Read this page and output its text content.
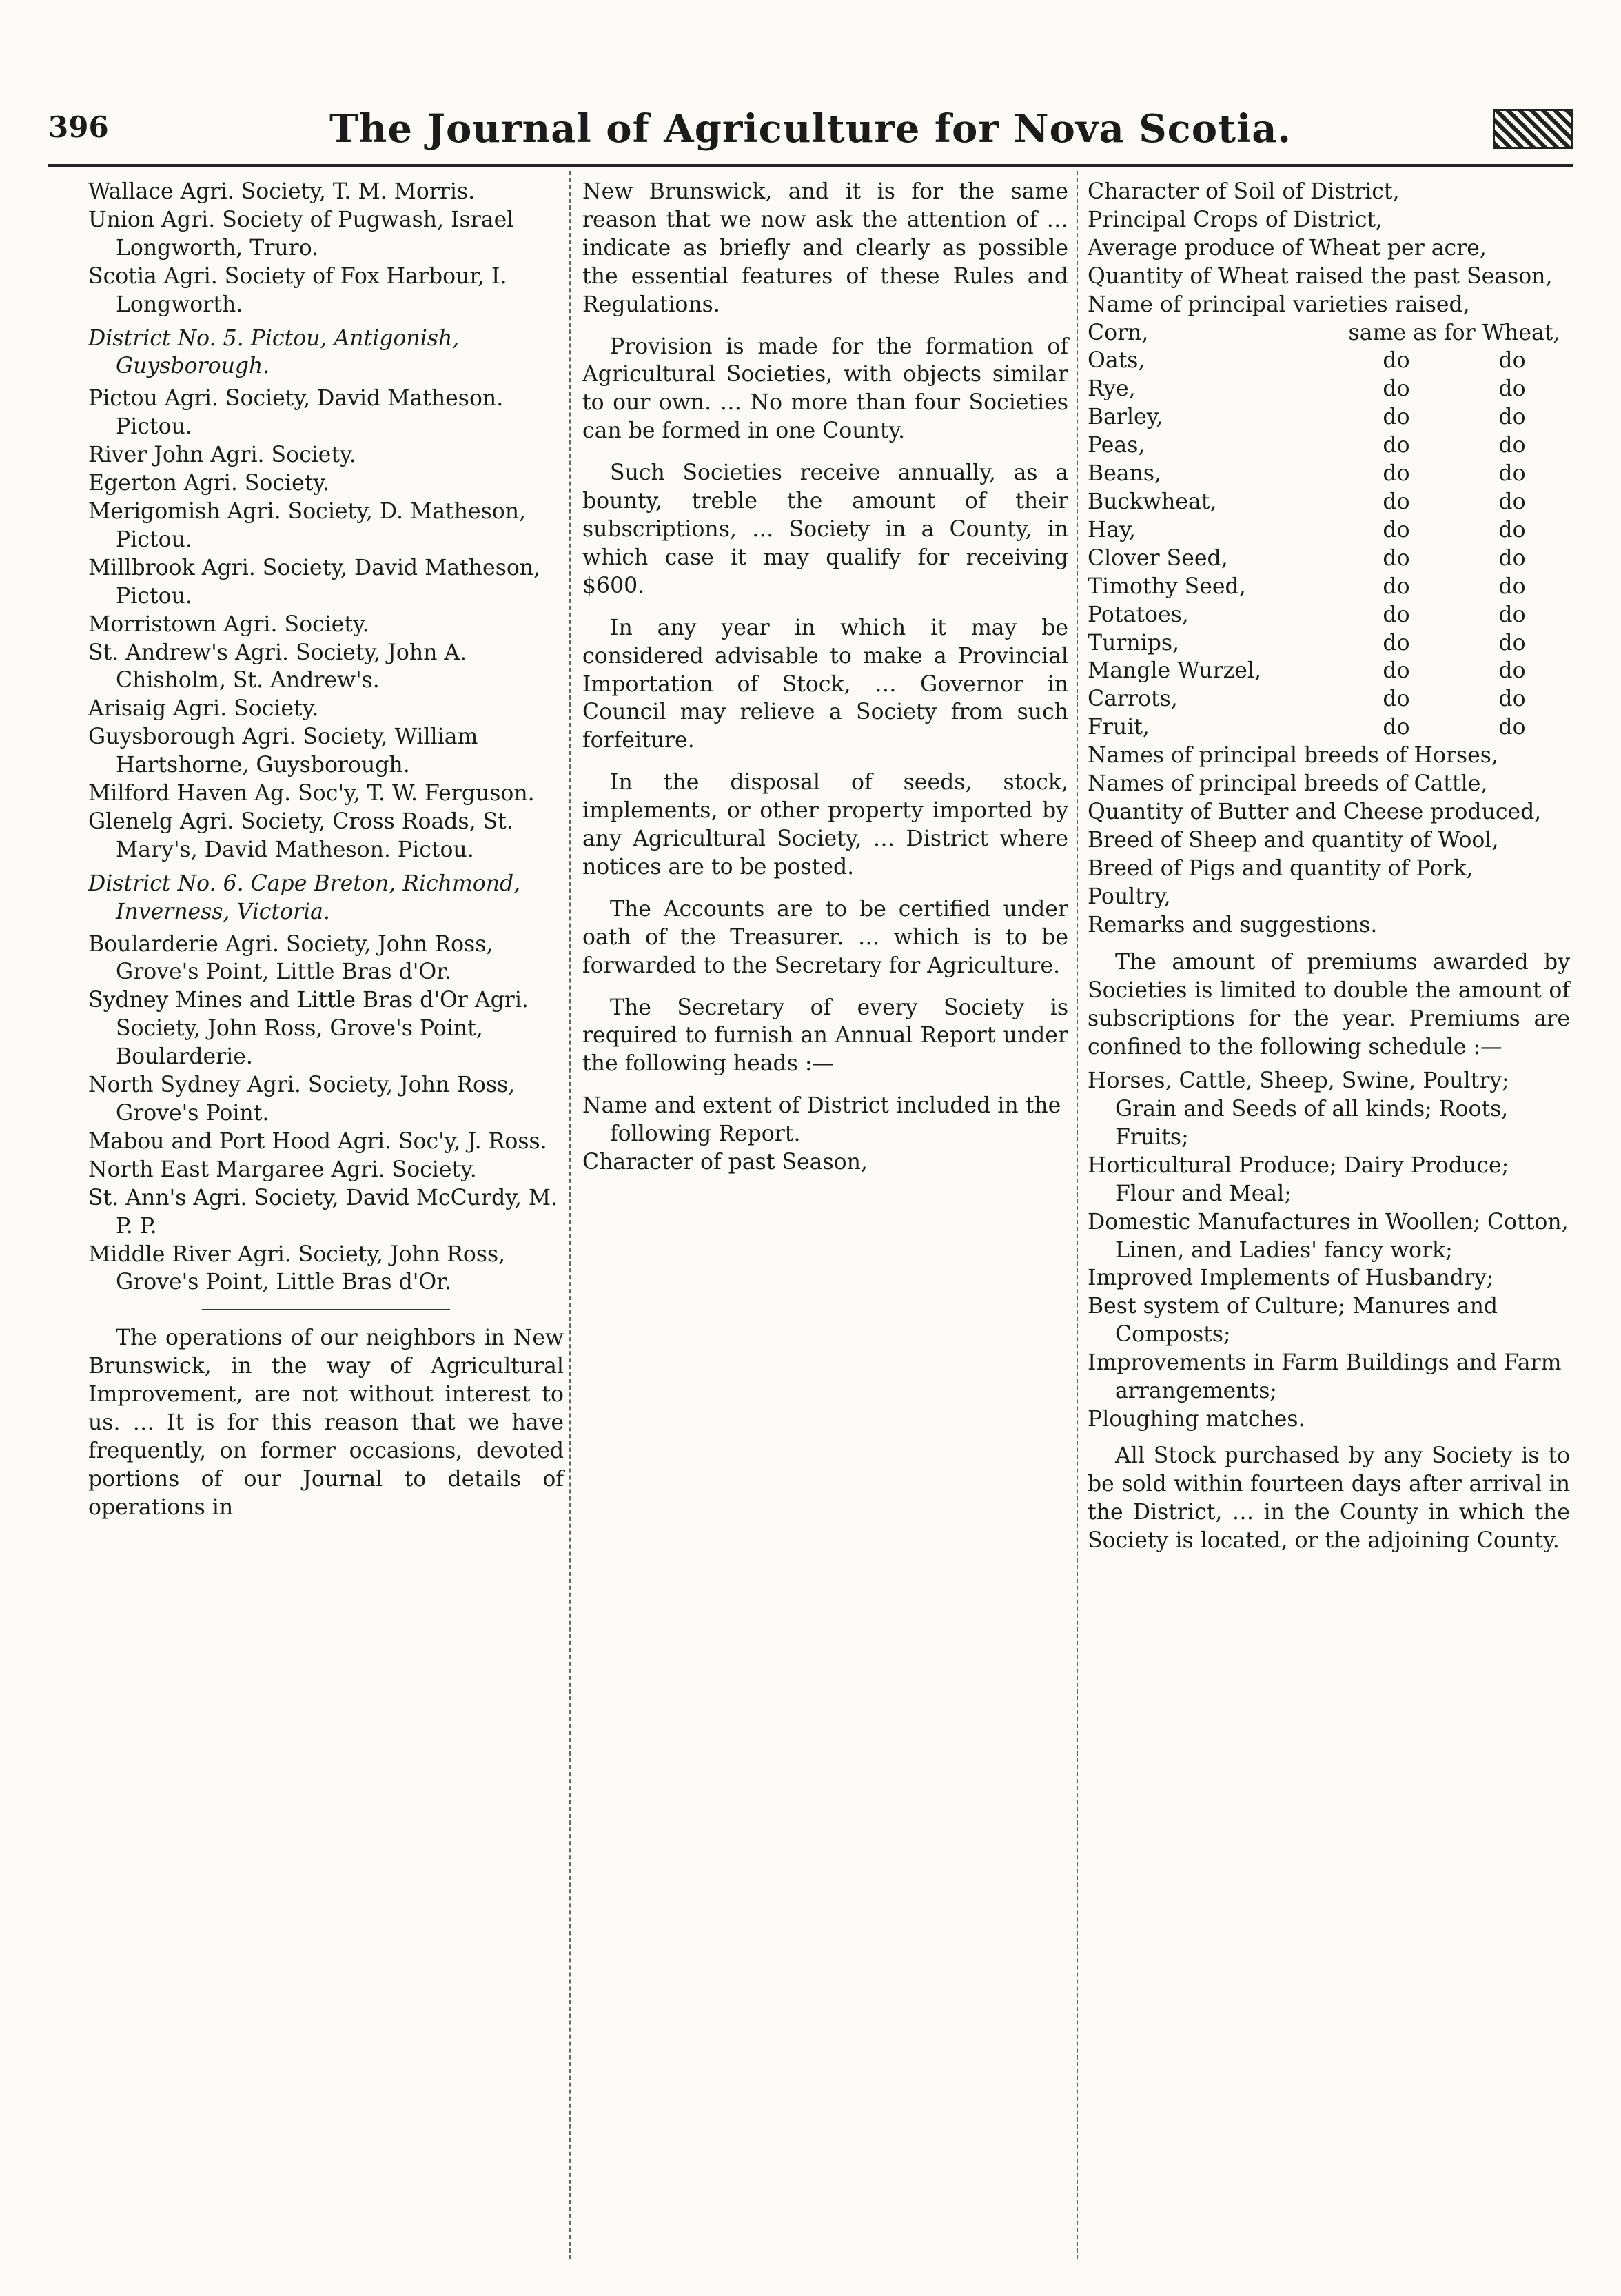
396	The Journal of Agriculture for Nova Scotia.

Wallace Agri. Society, T. M. Morris.

Union Agri. Society of Pugwash, Israel Longworth, Truro.

Scotia Agri. Society of Fox Harbour, I. Longworth.

District No. 5. Pictou, Antigonish, Guysborough.

Pictou Agri. Society, David Matheson. Pictou.

River John Agri. Society.

Egerton Agri. Society.

Merigomish Agri. Society, D. Matheson, Pictou.

Millbrook Agri. Society, David Matheson, Pictou.

Morristown Agri. Society.

St. Andrew's Agri. Society, John A. Chisholm, St. Andrew's.

Arisaig Agri. Society.

Guysborough Agri. Society, William Hartshorne, Guysborough.

Milford Haven Ag. Soc'y, T. W. Ferguson.

Glenelg Agri. Society, Cross Roads, St. Mary's, David Matheson. Pictou.

District No. 6. Cape Breton, Richmond, Inverness, Victoria.

Boularderie Agri. Society, John Ross, Grove's Point, Little Bras d'Or.

Sydney Mines and Little Bras d'Or Agri. Society, John Ross, Grove's Point, Boularderie.

North Sydney Agri. Society, John Ross, Grove's Point.

Mabou and Port Hood Agri. Soc'y, J. Ross.

North East Margaree Agri. Society.

St. Ann's Agri. Society, David McCurdy, M. P. P.

Middle River Agri. Society, John Ross, Grove's Point, Little Bras d'Or.

The operations of our neighbors in New Brunswick, in the way of Agricultural Improvement, are not without interest to us. … It is for this reason that we have frequently, on former occasions, devoted portions of our Journal to details of operations in

New Brunswick, and it is for the same reason that we now ask the attention of … indicate as briefly and clearly as possible the essential features of these Rules and Regulations.

Provision is made for the formation of Agricultural Societies, with objects similar to our own. … No more than four Societies can be formed in one County.

Such Societies receive annually, as a bounty, treble the amount of their subscriptions, … Society in a County, in which case it may qualify for receiving $600.

In any year in which it may be considered advisable to make a Provincial Importation of Stock, … Governor in Council may relieve a Society from such forfeiture.

In the disposal of seeds, stock, implements, or other property imported by any Agricultural Society, … District where notices are to be posted.

The Accounts are to be certified under oath of the Treasurer. … which is to be forwarded to the Secretary for Agriculture.

The Secretary of every Society is required to furnish an Annual Report under the following heads :—

Name and extent of District included in the following Report.

Character of past Season,

Character of Soil of District,

Principal Crops of District,

Average produce of Wheat per acre,

Quantity of Wheat raised the past Season,

Name of principal varieties raised,

Corn,	same as for Wheat,	
Oats,	do	do
Rye,	do	do
Barley,	do	do
Peas,	do	do
Beans,	do	do
Buckwheat,	do	do
Hay,	do	do
Clover Seed,	do	do
Timothy Seed,	do	do
Potatoes,	do	do
Turnips,	do	do
Mangle Wurzel,	do	do
Carrots,	do	do
Fruit,	do	do

Names of principal breeds of Horses,

Names of principal breeds of Cattle,

Quantity of Butter and Cheese produced,

Breed of Sheep and quantity of Wool,

Breed of Pigs and quantity of Pork,

Poultry,

Remarks and suggestions.

The amount of premiums awarded by Societies is limited to double the amount of subscriptions for the year. Premiums are confined to the following schedule :—

Horses, Cattle, Sheep, Swine, Poultry; Grain and Seeds of all kinds; Roots, Fruits;

Horticultural Produce; Dairy Produce; Flour and Meal;

Domestic Manufactures in Woollen; Cotton, Linen, and Ladies' fancy work;

Improved Implements of Husbandry;

Best system of Culture; Manures and Composts;

Improvements in Farm Buildings and Farm arrangements;

Ploughing matches.

All Stock purchased by any Society is to be sold within fourteen days after arrival in the District, … in the County in which the Society is located, or the adjoining County.
